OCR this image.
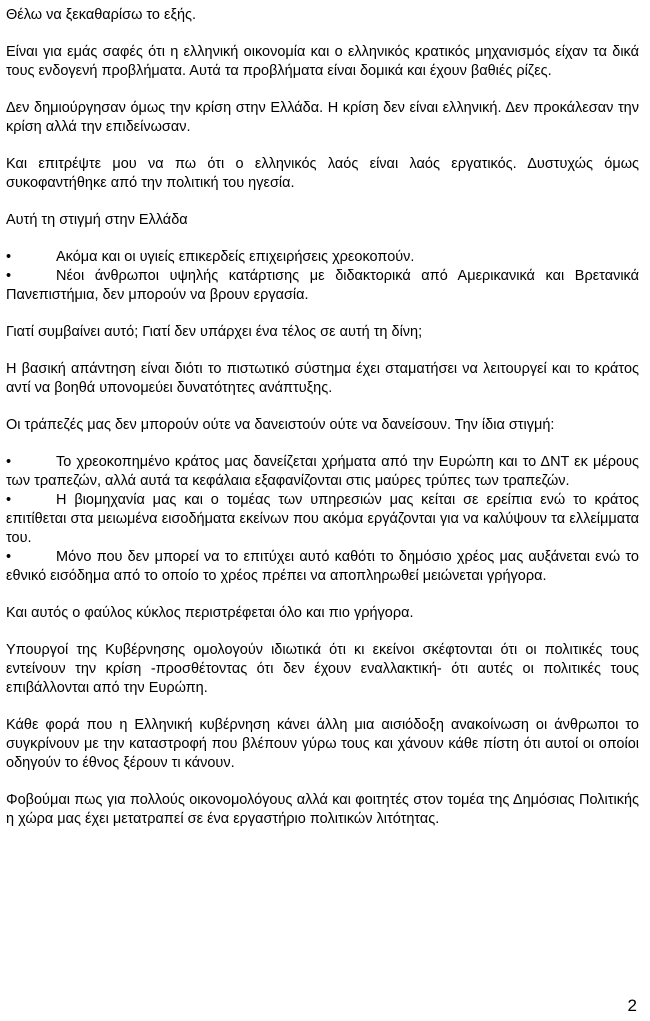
Θέλω να ξεκαθαρίσω το εξής.

Είναι για εμάς σαφές ότι η ελληνική οικονομία και ο ελληνικός κρατικός μηχανισμός είχαν τα δικά τους ενδογενή προβλήματα. Αυτά τα προβλήματα είναι δομικά και έχουν βαθιές ρίζες.

Δεν δημιούργησαν όμως την κρίση στην Ελλάδα. Η κρίση δεν είναι ελληνική. Δεν προκάλεσαν την κρίση αλλά την επιδείνωσαν.

Και επιτρέψτε μου να πω ότι ο ελληνικός λαός είναι λαός εργατικός. Δυστυχώς όμως συκοφαντήθηκε από την πολιτική του ηγεσία.

Αυτή τη στιγμή στην Ελλάδα

•	Ακόμα και οι υγιείς επικερδείς επιχειρήσεις χρεοκοπούν.
•	Νέοι άνθρωποι υψηλής κατάρτισης με διδακτορικά από Αμερικανικά και Βρετανικά Πανεπιστήμια, δεν μπορούν να βρουν εργασία.

Γιατί συμβαίνει αυτό; Γιατί δεν υπάρχει ένα τέλος σε αυτή τη δίνη;

Η βασική απάντηση είναι διότι το πιστωτικό σύστημα έχει σταματήσει να λειτουργεί και το κράτος αντί να βοηθά υπονομεύει δυνατότητες ανάπτυξης.

Οι τράπεζές μας δεν μπορούν ούτε να δανειστούν ούτε να δανείσουν. Την ίδια στιγμή:

•	Το χρεοκοπημένο κράτος μας δανείζεται χρήματα από την Ευρώπη και το ΔΝΤ εκ μέρους των τραπεζών, αλλά αυτά τα κεφάλαια εξαφανίζονται στις μαύρες τρύπες των τραπεζών.
•	Η βιομηχανία μας και ο τομέας των υπηρεσιών μας κείται σε ερείπια ενώ το κράτος επιτίθεται στα μειωμένα εισοδήματα εκείνων που ακόμα εργάζονται για να καλύψουν τα ελλείμματα του.
•	Μόνο που δεν μπορεί να το επιτύχει αυτό καθότι το δημόσιο χρέος μας αυξάνεται ενώ το εθνικό εισόδημα από το οποίο το χρέος πρέπει να αποπληρωθεί μειώνεται γρήγορα.

Και αυτός ο φαύλος κύκλος περιστρέφεται όλο και πιο γρήγορα.

Υπουργοί της Κυβέρνησης ομολογούν ιδιωτικά ότι κι εκείνοι σκέφτονται ότι οι πολιτικές τους εντείνουν την κρίση -προσθέτοντας ότι δεν έχουν εναλλακτική- ότι αυτές οι πολιτικές τους επιβάλλονται από την Ευρώπη.

Κάθε φορά που η Ελληνική κυβέρνηση κάνει άλλη μια αισιόδοξη ανακοίνωση οι άνθρωποι το συγκρίνουν με την καταστροφή που βλέπουν γύρω τους και χάνουν κάθε πίστη ότι αυτοί οι οποίοι οδηγούν το έθνος ξέρουν τι κάνουν.

Φοβούμαι πως για πολλούς οικονομολόγους αλλά και φοιτητές στον τομέα της Δημόσιας Πολιτικής η χώρα μας έχει μετατραπεί σε ένα εργαστήριο πολιτικών λιτότητας.

2
